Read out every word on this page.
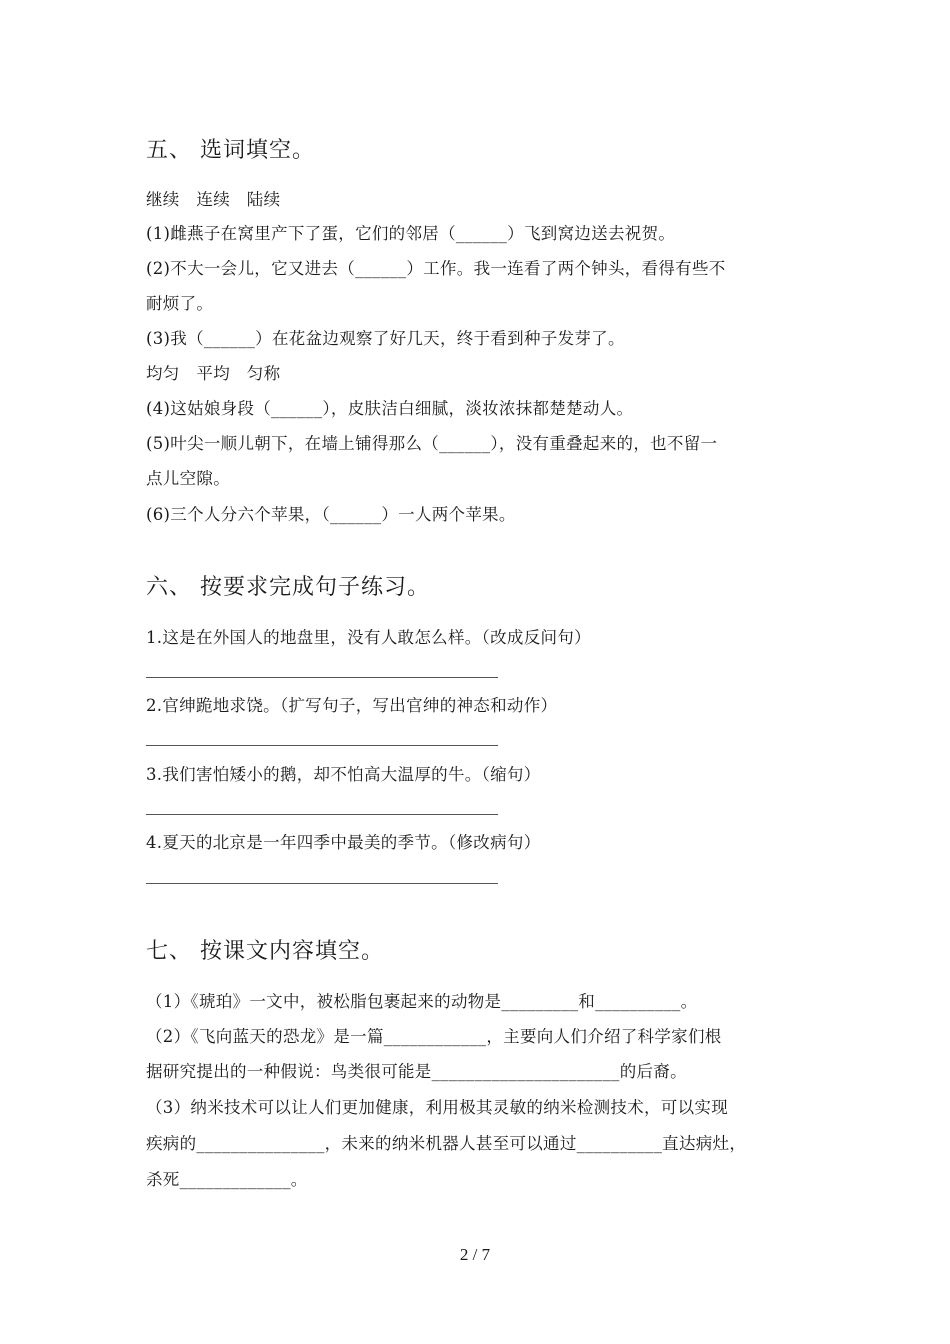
五、 选词填空。
继续　连续　陆续
(1)雌燕子在窝里产下了蛋，它们的邻居（______）飞到窝边送去祝贺。
(2)不大一会儿，它又进去（______）工作。我一连看了两个钟头，看得有些不
耐烦了。
(3)我（______）在花盆边观察了好几天，终于看到种子发芽了。
均匀　平均　匀称
(4)这姑娘身段（______），皮肤洁白细腻，淡妆浓抹都楚楚动人。
(5)叶尖一顺儿朝下，在墙上铺得那么（______），没有重叠起来的，也不留一
点儿空隙。
(6)三个人分六个苹果，（______）一人两个苹果。
六、 按要求完成句子练习。
1.这是在外国人的地盘里，没有人敢怎么样。（改成反问句）
2.官绅跪地求饶。（扩写句子，写出官绅的神态和动作）
3.我们害怕矮小的鹅，却不怕高大温厚的牛。（缩句）
4.夏天的北京是一年四季中最美的季节。（修改病句）
七、 按课文内容填空。
（1）《琥珀》一文中，被松脂包裹起来的动物是_________和__________。
（2）《飞向蓝天的恐龙》是一篇____________，主要向人们介绍了科学家们根
据研究提出的一种假说：鸟类很可能是______________________的后裔。
（3）纳米技术可以让人们更加健康，利用极其灵敏的纳米检测技术，可以实现
疾病的_______________，未来的纳米机器人甚至可以通过__________直达病灶，
杀死_____________。
2 / 7
